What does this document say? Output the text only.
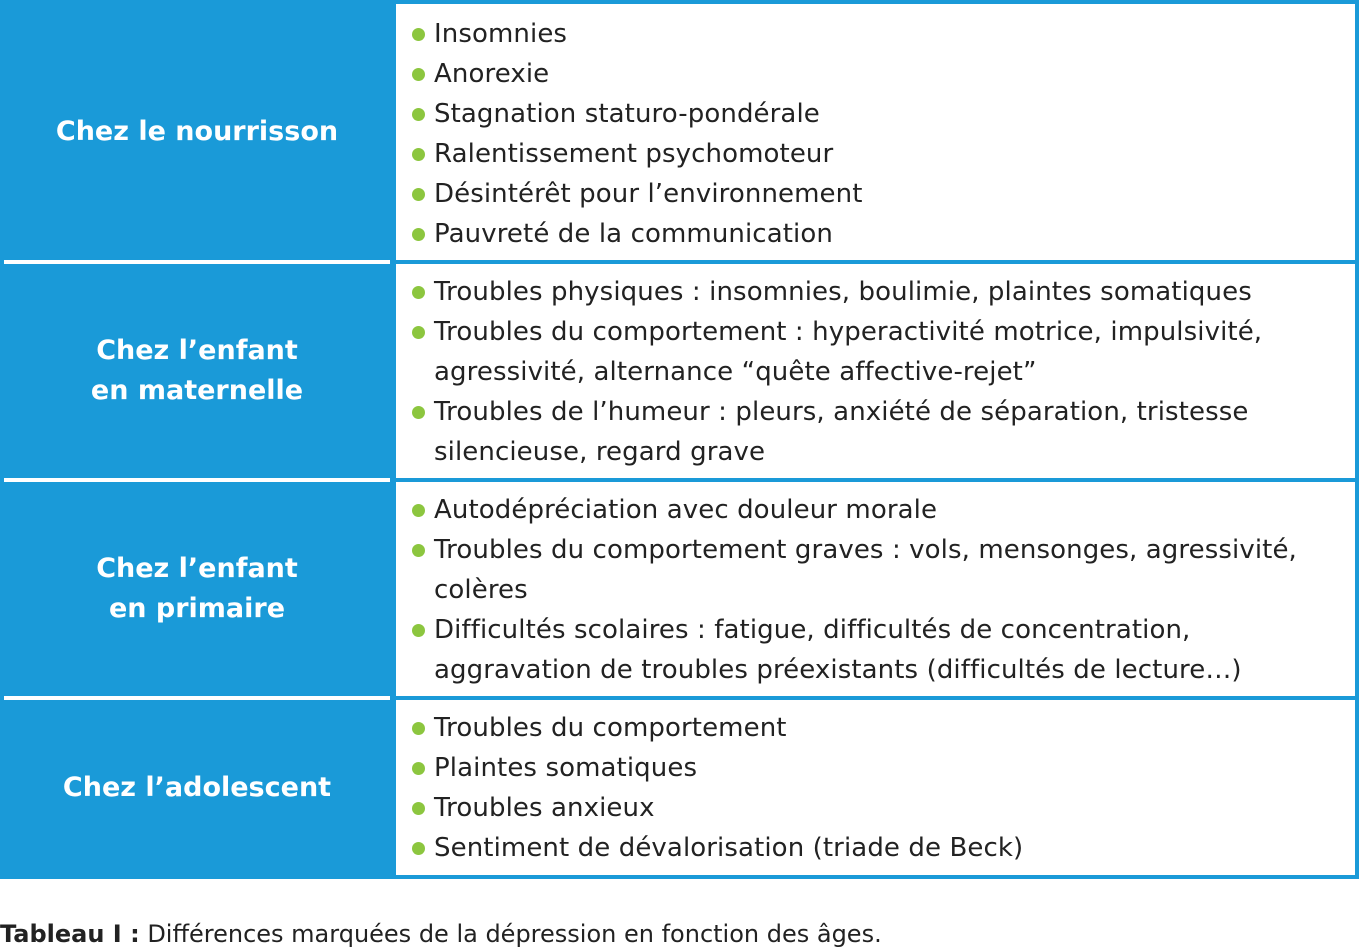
Chez le nourrisson
Insomnies
Anorexie
Stagnation staturo-pondérale
Ralentissement psychomoteur
Désintérêt pour l’environnement
Pauvreté de la communication
Chez l’enfant
en maternelle
Troubles physiques : insomnies, boulimie, plaintes somatiques
Troubles du comportement : hyperactivité motrice, impulsivité, agressivité, alternance “quête affective-rejet”
Troubles de l’humeur : pleurs, anxiété de séparation, tristesse silencieuse, regard grave
Chez l’enfant
en primaire
Autodépréciation avec douleur morale
Troubles du comportement graves : vols, mensonges, agressivité, colères
Difficultés scolaires : fatigue, difficultés de concentration, aggravation de troubles préexistants (difficultés de lecture…)
Chez l’adolescent
Troubles du comportement
Plaintes somatiques
Troubles anxieux
Sentiment de dévalorisation (triade de Beck)
Tableau I : Différences marquées de la dépression en fonction des âges.
